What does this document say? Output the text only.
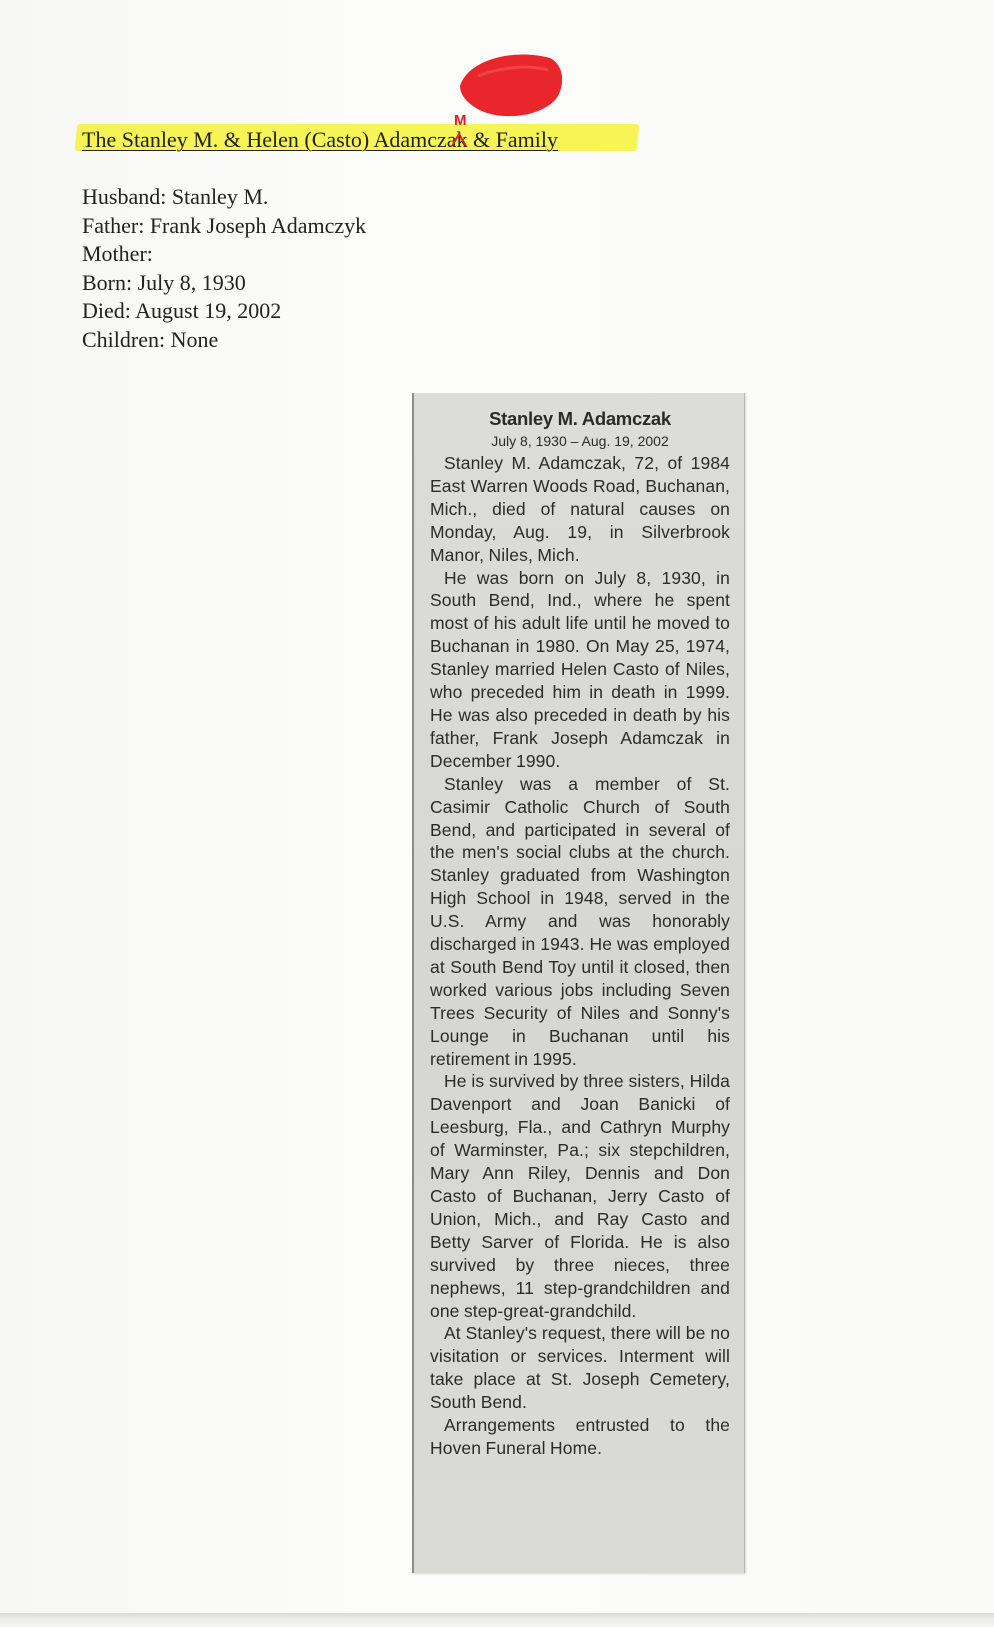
The Stanley M. & Helen (Casto) Adamczak & Family
M
Husband: Stanley M.
Father: Frank Joseph Adamczyk
Mother:
Born: July 8, 1930
Died: August 19, 2002
Children: None

Stanley M. Adamczak

July 8, 1930 – Aug. 19, 2002

Stanley M. Adamczak, 72, of 1984 East Warren Woods Road, Buchanan, Mich., died of natural causes on Monday, Aug. 19, in Silverbrook Manor, Niles, Mich.

He was born on July 8, 1930, in South Bend, Ind., where he spent most of his adult life until he moved to Buchanan in 1980. On May 25, 1974, Stanley married Helen Casto of Niles, who preceded him in death in 1999. He was also preceded in death by his father, Frank Joseph Adamczak in December 1990.

Stanley was a member of St. Casimir Catholic Church of South Bend, and participated in several of the men's social clubs at the church. Stanley graduated from Washington High School in 1948, served in the U.S. Army and was honorably discharged in 1943. He was employed at South Bend Toy until it closed, then worked various jobs including Seven Trees Security of Niles and Sonny's Lounge in Buchanan until his retirement in 1995.

He is survived by three sisters, Hilda Davenport and Joan Banicki of Leesburg, Fla., and Cathryn Murphy of Warminster, Pa.; six stepchildren, Mary Ann Riley, Dennis and Don Casto of Buchanan, Jerry Casto of Union, Mich., and Ray Casto and Betty Sarver of Florida. He is also survived by three nieces, three nephews, 11 step-grandchildren and one step-great-grandchild.

At Stanley's request, there will be no visitation or services. Interment will take place at St. Joseph Cemetery, South Bend.

Arrangements entrusted to the Hoven Funeral Home.
